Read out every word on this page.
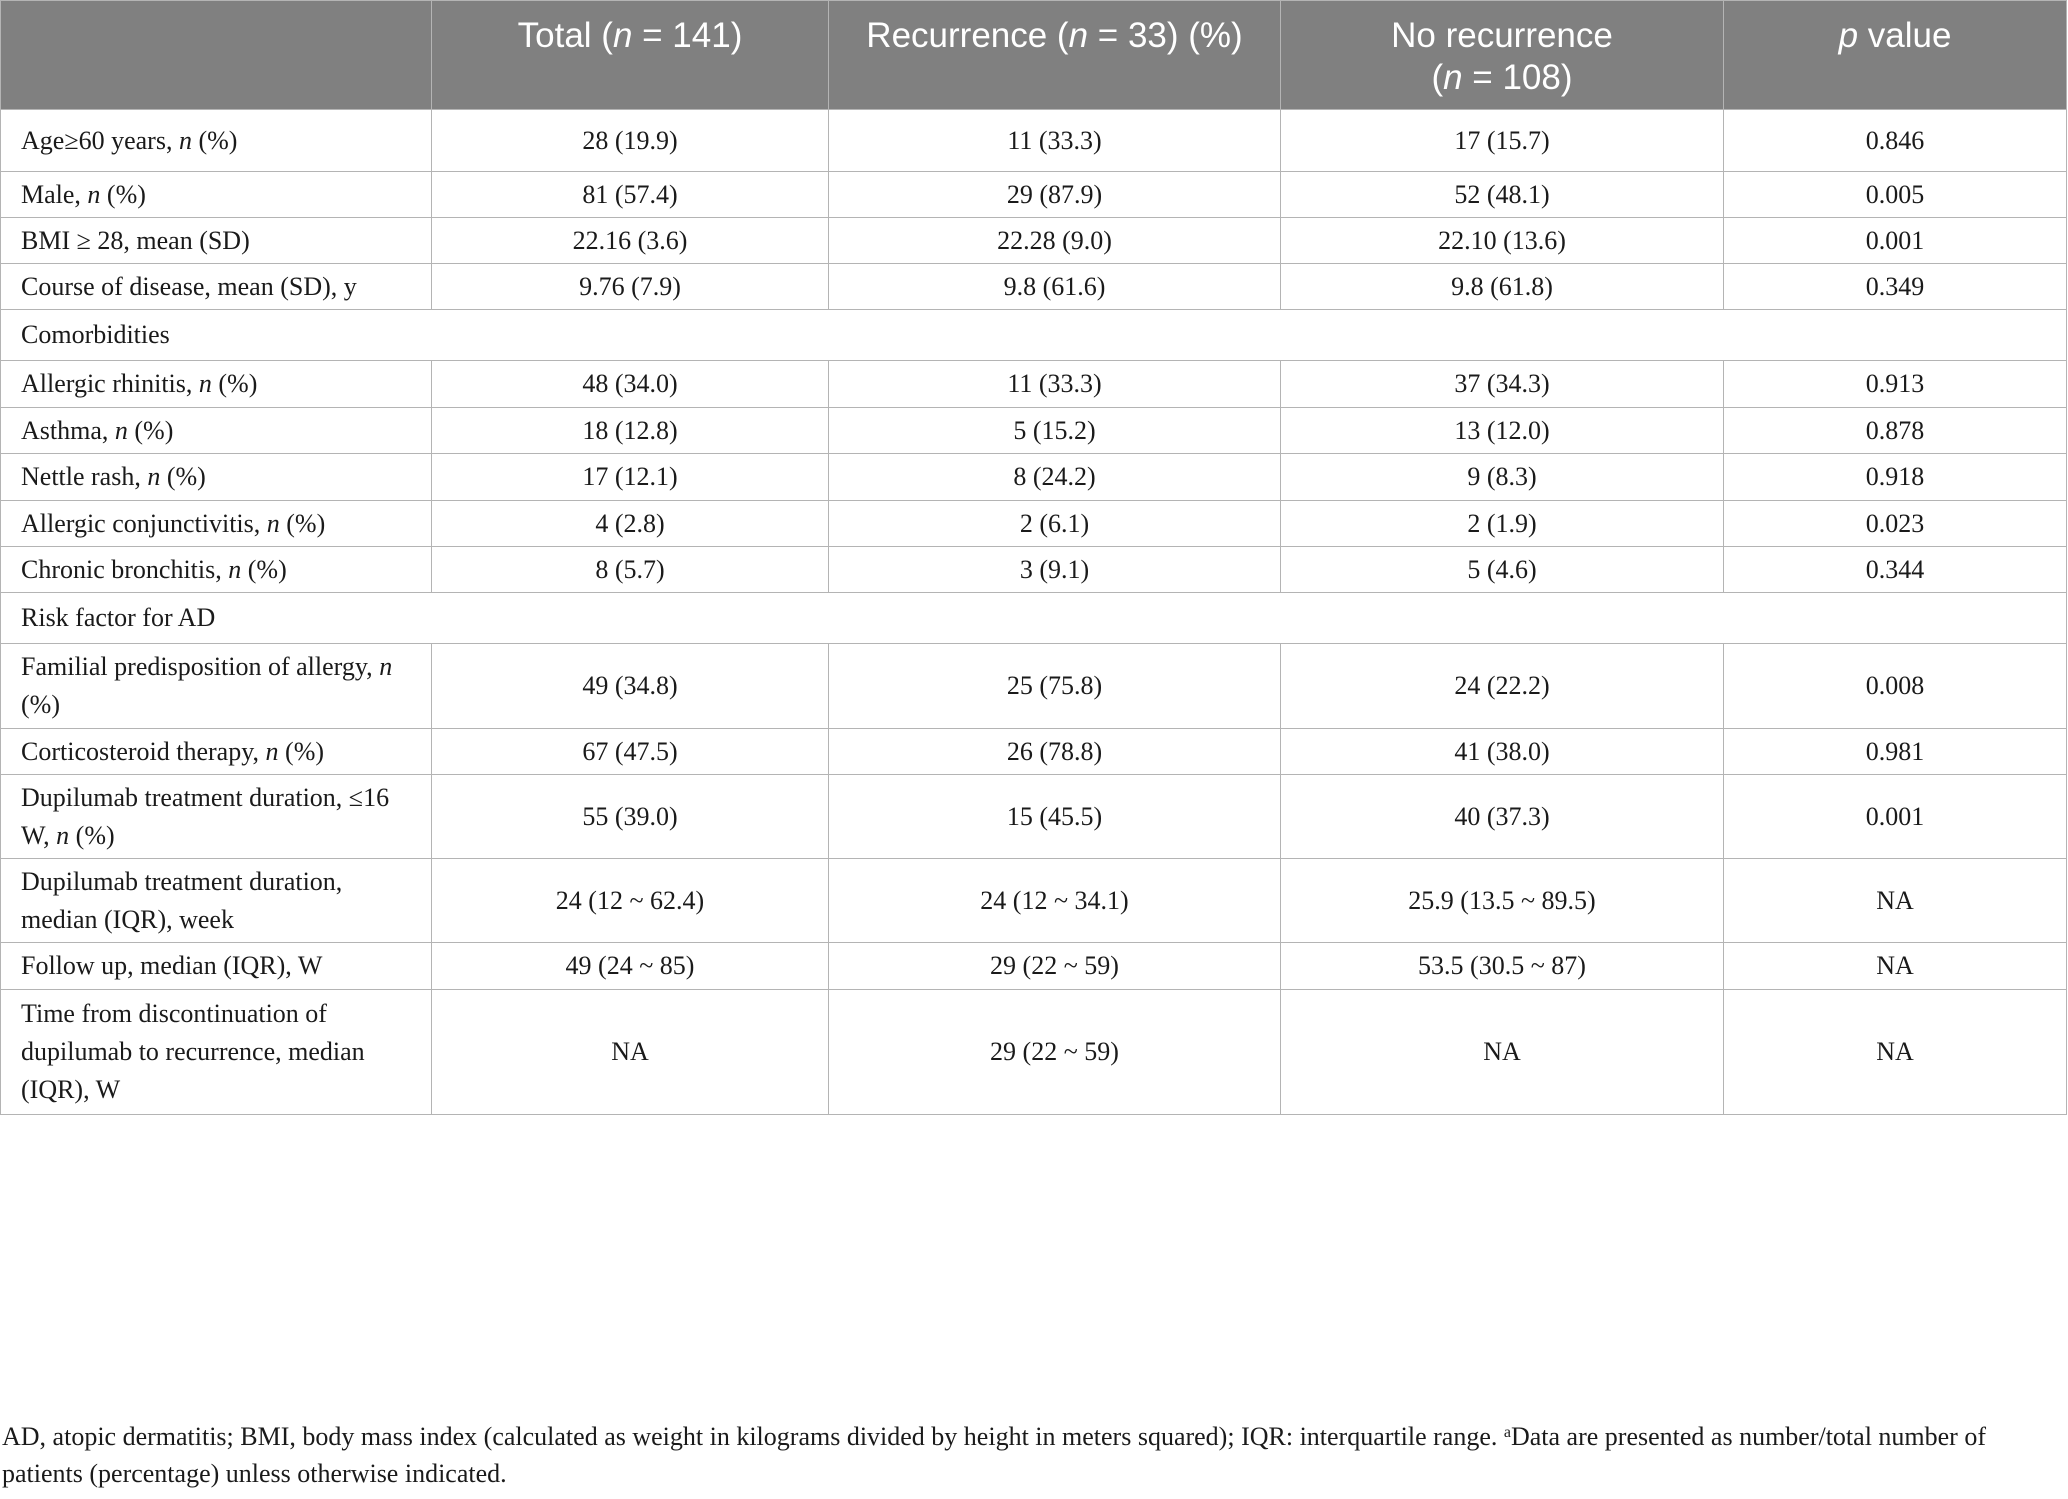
	Total (n = 141)	Recurrence (n = 33) (%)	No recurrence (n = 108)	p value
Age≥60 years, n (%)	28 (19.9)	11 (33.3)	17 (15.7)	0.846
Male, n (%)	81 (57.4)	29 (87.9)	52 (48.1)	0.005
BMI ≥ 28, mean (SD)	22.16 (3.6)	22.28 (9.0)	22.10 (13.6)	0.001
Course of disease, mean (SD), y	9.76 (7.9)	9.8 (61.6)	9.8 (61.8)	0.349
Comorbidities				
Allergic rhinitis, n (%)	48 (34.0)	11 (33.3)	37 (34.3)	0.913
Asthma, n (%)	18 (12.8)	5 (15.2)	13 (12.0)	0.878
Nettle rash, n (%)	17 (12.1)	8 (24.2)	9 (8.3)	0.918
Allergic conjunctivitis, n (%)	4 (2.8)	2 (6.1)	2 (1.9)	0.023
Chronic bronchitis, n (%)	8 (5.7)	3 (9.1)	5 (4.6)	0.344
Risk factor for AD				
Familial predisposition of allergy, n (%)	49 (34.8)	25 (75.8)	24 (22.2)	0.008
Corticosteroid therapy, n (%)	67 (47.5)	26 (78.8)	41 (38.0)	0.981
Dupilumab treatment duration, ≤16 W, n (%)	55 (39.0)	15 (45.5)	40 (37.3)	0.001
Dupilumab treatment duration, median (IQR), week	24 (12 ~ 62.4)	24 (12 ~ 34.1)	25.9 (13.5 ~ 89.5)	NA
Follow up, median (IQR), W	49 (24 ~ 85)	29 (22 ~ 59)	53.5 (30.5 ~ 87)	NA
Time from discontinuation of dupilumab to recurrence, median (IQR), W	NA	29 (22 ~ 59)	NA	NA
AD, atopic dermatitis; BMI, body mass index (calculated as weight in kilograms divided by height in meters squared); IQR: interquartile range. $^a$Data are presented as number/total number of patients (percentage) unless otherwise indicated.
